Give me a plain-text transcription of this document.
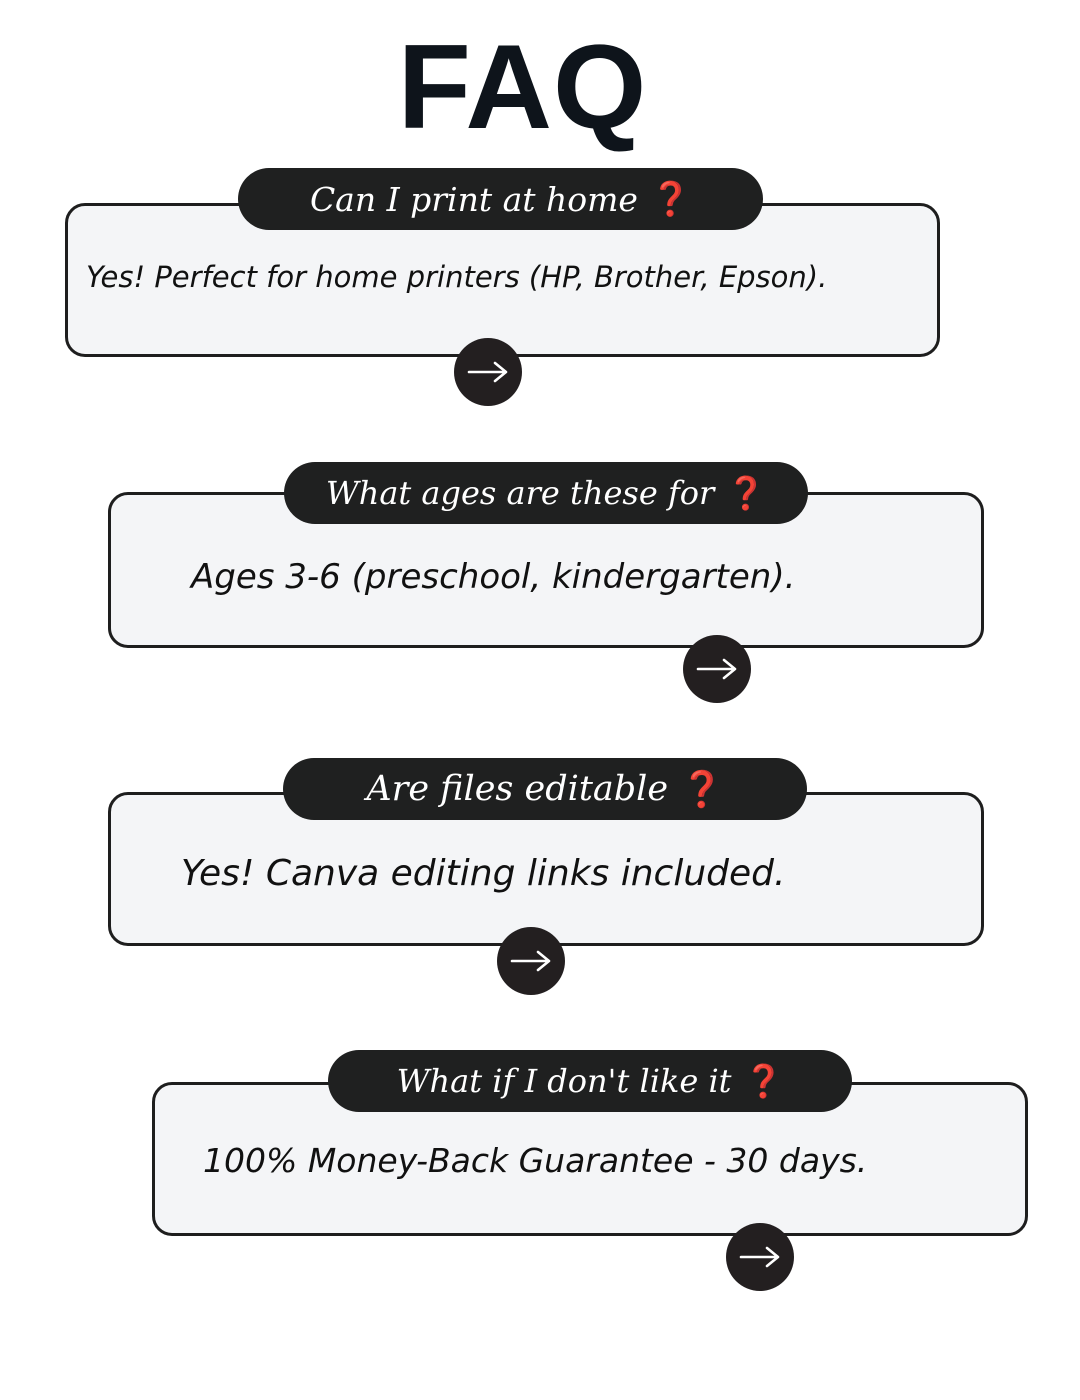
FAQ
Yes! Perfect for home printers (HP, Brother, Epson).
Can I print at home ❓
Ages 3-6 (preschool, kindergarten).
What ages are these for ❓
Yes! Canva editing links included.
Are files editable ❓
100% Money-Back Guarantee - 30 days.
What if I don't like it ❓
